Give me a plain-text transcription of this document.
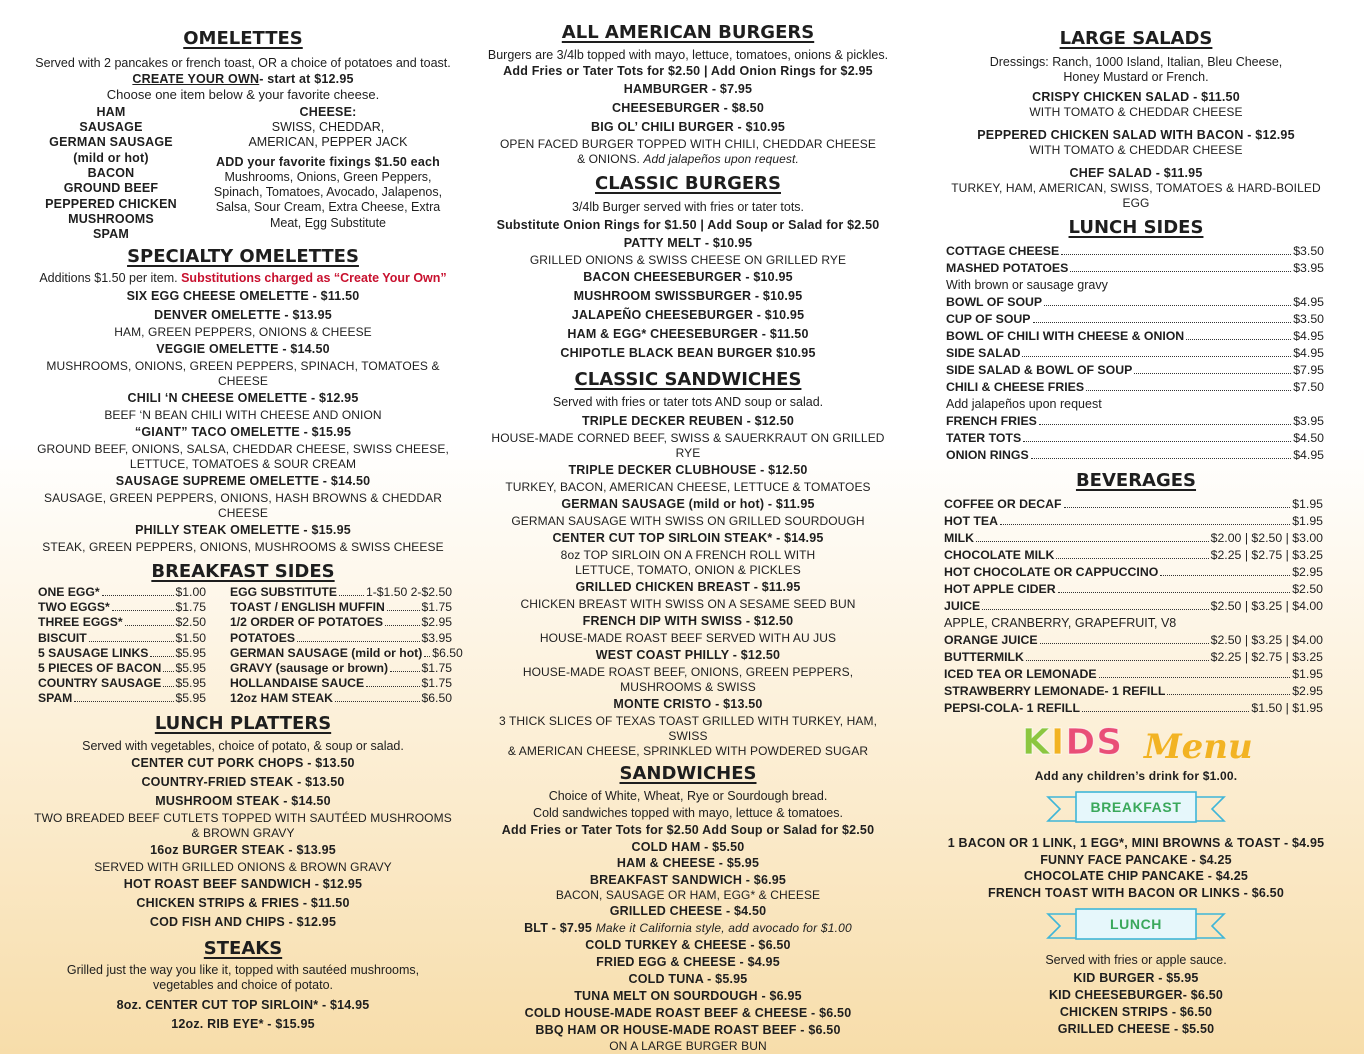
OMELETTES

Served with 2 pancakes or french toast, OR a choice of potatoes and toast.

CREATE YOUR OWN- start at $12.95

Choose one item below & your favorite cheese.

HAM

SAUSAGE

GERMAN SAUSAGE

(mild or hot)

BACON

GROUND BEEF

PEPPERED CHICKEN

MUSHROOMS

SPAM

CHEESE:

SWISS, CHEDDAR,

AMERICAN, PEPPER JACK

ADD your favorite fixings $1.50 each

Mushrooms, Onions, Green Peppers,

Spinach, Tomatoes, Avocado, Jalapenos,

Salsa, Sour Cream, Extra Cheese, Extra

Meat, Egg Substitute

SPECIALTY OMELETTES

Additions $1.50 per item. Substitutions charged as “Create Your Own”

SIX EGG CHEESE OMELETTE - $11.50

DENVER OMELETTE - $13.95

HAM, GREEN PEPPERS, ONIONS & CHEESE

VEGGIE OMELETTE - $14.50

MUSHROOMS, ONIONS, GREEN PEPPERS, SPINACH, TOMATOES & CHEESE

CHILI ‘N CHEESE OMELETTE - $12.95

BEEF ‘N BEAN CHILI WITH CHEESE AND ONION

“GIANT” TACO OMELETTE - $15.95

GROUND BEEF, ONIONS, SALSA, CHEDDAR CHEESE, SWISS CHEESE,

LETTUCE, TOMATOES & SOUR CREAM

SAUSAGE SUPREME OMELETTE - $14.50

SAUSAGE, GREEN PEPPERS, ONIONS, HASH BROWNS & CHEDDAR CHEESE

PHILLY STEAK OMELETTE - $15.95

STEAK, GREEN PEPPERS, ONIONS, MUSHROOMS & SWISS CHEESE

BREAKFAST SIDES
ONE EGG*	$1.00
TWO EGGS*	$1.75
THREE EGGS*	$2.50
BISCUIT	$1.50
5 SAUSAGE LINKS $5.95
5 PIECES OF BACON $5.95
COUNTRY SAUSAGE $5.95
SPAM	$5.95
EGG SUBSTITUTE 1-$1.50 2-$2.50
TOAST / ENGLISH MUFFIN	$1.75
1/2 ORDER OF POTATOES	$2.95
POTATOES	$3.95
GERMAN SAUSAGE (mild or hot) $6.50
GRAVY (sausage or brown)	$1.75
HOLLANDAISE SAUCE	$1.75
12oz HAM STEAK	$6.50
LUNCH PLATTERS

Served with vegetables, choice of potato, & soup or salad.

CENTER CUT PORK CHOPS - $13.50

COUNTRY-FRIED STEAK - $13.50

MUSHROOM STEAK - $14.50

TWO BREADED BEEF CUTLETS TOPPED WITH SAUTÉED MUSHROOMS

& BROWN GRAVY

16oz BURGER STEAK - $13.95

SERVED WITH GRILLED ONIONS & BROWN GRAVY

HOT ROAST BEEF SANDWICH - $12.95

CHICKEN STRIPS & FRIES - $11.50

COD FISH AND CHIPS - $12.95

STEAKS

Grilled just the way you like it, topped with sautéed mushrooms,

vegetables and choice of potato.

8oz. CENTER CUT TOP SIRLOIN* - $14.95

12oz. RIB EYE* - $15.95

ALL AMERICAN BURGERS

Burgers are 3/4lb topped with mayo, lettuce, tomatoes, onions & pickles.

Add Fries or Tater Tots for $2.50 | Add Onion Rings for $2.95

HAMBURGER - $7.95

CHEESEBURGER - $8.50

BIG OL’ CHILI BURGER - $10.95

OPEN FACED BURGER TOPPED WITH CHILI, CHEDDAR CHEESE

& ONIONS. Add jalapeños upon request.

CLASSIC BURGERS

3/4lb Burger served with fries or tater tots.

Substitute Onion Rings for $1.50 | Add Soup or Salad for $2.50

PATTY MELT - $10.95

GRILLED ONIONS & SWISS CHEESE ON GRILLED RYE

BACON CHEESEBURGER - $10.95

MUSHROOM SWISSBURGER - $10.95

JALAPEÑO CHEESEBURGER - $10.95

HAM & EGG* CHEESEBURGER - $11.50

CHIPOTLE BLACK BEAN BURGER $10.95

CLASSIC SANDWICHES

Served with fries or tater tots AND soup or salad.

TRIPLE DECKER REUBEN - $12.50

HOUSE-MADE CORNED BEEF, SWISS & SAUERKRAUT ON GRILLED RYE

TRIPLE DECKER CLUBHOUSE - $12.50

TURKEY, BACON, AMERICAN CHEESE, LETTUCE & TOMATOES

GERMAN SAUSAGE (mild or hot) - $11.95

GERMAN SAUSAGE WITH SWISS ON GRILLED SOURDOUGH

CENTER CUT TOP SIRLOIN STEAK* - $14.95

8oz TOP SIRLOIN ON A FRENCH ROLL WITH

LETTUCE, TOMATO, ONION & PICKLES

GRILLED CHICKEN BREAST - $11.95

CHICKEN BREAST WITH SWISS ON A SESAME SEED BUN

FRENCH DIP WITH SWISS - $12.50

HOUSE-MADE ROAST BEEF SERVED WITH AU JUS

WEST COAST PHILLY - $12.50

HOUSE-MADE ROAST BEEF, ONIONS, GREEN PEPPERS,

MUSHROOMS & SWISS

MONTE CRISTO - $13.50

3 THICK SLICES OF TEXAS TOAST GRILLED WITH TURKEY, HAM, SWISS

& AMERICAN CHEESE, SPRINKLED WITH POWDERED SUGAR

SANDWICHES

Choice of White, Wheat, Rye or Sourdough bread.

Cold sandwiches topped with mayo, lettuce & tomatoes.

Add Fries or Tater Tots for $2.50 Add Soup or Salad for $2.50

COLD HAM - $5.50

HAM & CHEESE - $5.95

BREAKFAST SANDWICH - $6.95

BACON, SAUSAGE OR HAM, EGG* & CHEESE

GRILLED CHEESE - $4.50

BLT - $7.95 Make it California style, add avocado for $1.00

COLD TURKEY & CHEESE - $6.50

FRIED EGG & CHEESE - $4.95

COLD TUNA - $5.95

TUNA MELT ON SOURDOUGH - $6.95

COLD HOUSE-MADE ROAST BEEF & CHEESE - $6.50

BBQ HAM OR HOUSE-MADE ROAST BEEF - $6.50

ON A LARGE BURGER BUN

LARGE SALADS

Dressings: Ranch, 1000 Island, Italian, Bleu Cheese,

Honey Mustard or French.

CRISPY CHICKEN SALAD - $11.50

WITH TOMATO & CHEDDAR CHEESE

PEPPERED CHICKEN SALAD WITH BACON - $12.95

WITH TOMATO & CHEDDAR CHEESE

CHEF SALAD - $11.95

TURKEY, HAM, AMERICAN, SWISS, TOMATOES & HARD-BOILED EGG

LUNCH SIDES
COTTAGE CHEESE	$3.50
MASHED POTATOES	$3.95
With brown or sausage gravy
BOWL OF SOUP	$4.95
CUP OF SOUP	$3.50
BOWL OF CHILI WITH CHEESE & ONION	$4.95
SIDE SALAD	$4.95
SIDE SALAD & BOWL OF SOUP	$7.95
CHILI & CHEESE FRIES	$7.50
Add jalapeños upon request
FRENCH FRIES	$3.95
TATER TOTS	$4.50
ONION RINGS	$4.95
BEVERAGES
COFFEE OR DECAF	$1.95
HOT TEA	$1.95
MILK	$2.00 | $2.50 | $3.00
CHOCOLATE MILK	$2.25 | $2.75 | $3.25
HOT CHOCOLATE OR CAPPUCCINO	$2.95
HOT APPLE CIDER	$2.50
JUICE	$2.50 | $3.25 | $4.00
APPLE, CRANBERRY, GRAPEFRUIT, V8
ORANGE JUICE	$2.50 | $3.25 | $4.00
BUTTERMILK	$2.25 | $2.75 | $3.25
ICED TEA OR LEMONADE	$1.95
STRAWBERRY LEMONADE- 1 REFILL	$2.95
PEPSI-COLA- 1 REFILL	$1.50 | $1.95
KIDS Menu

Add any children’s drink for $1.00.

BREAKFAST

1 BACON OR 1 LINK, 1 EGG*, MINI BROWNS & TOAST - $4.95

FUNNY FACE PANCAKE - $4.25

CHOCOLATE CHIP PANCAKE - $4.25

FRENCH TOAST WITH BACON OR LINKS - $6.50

LUNCH

Served with fries or apple sauce.

KID BURGER - $5.95

KID CHEESEBURGER- $6.50

CHICKEN STRIPS - $6.50

GRILLED CHEESE - $5.50
